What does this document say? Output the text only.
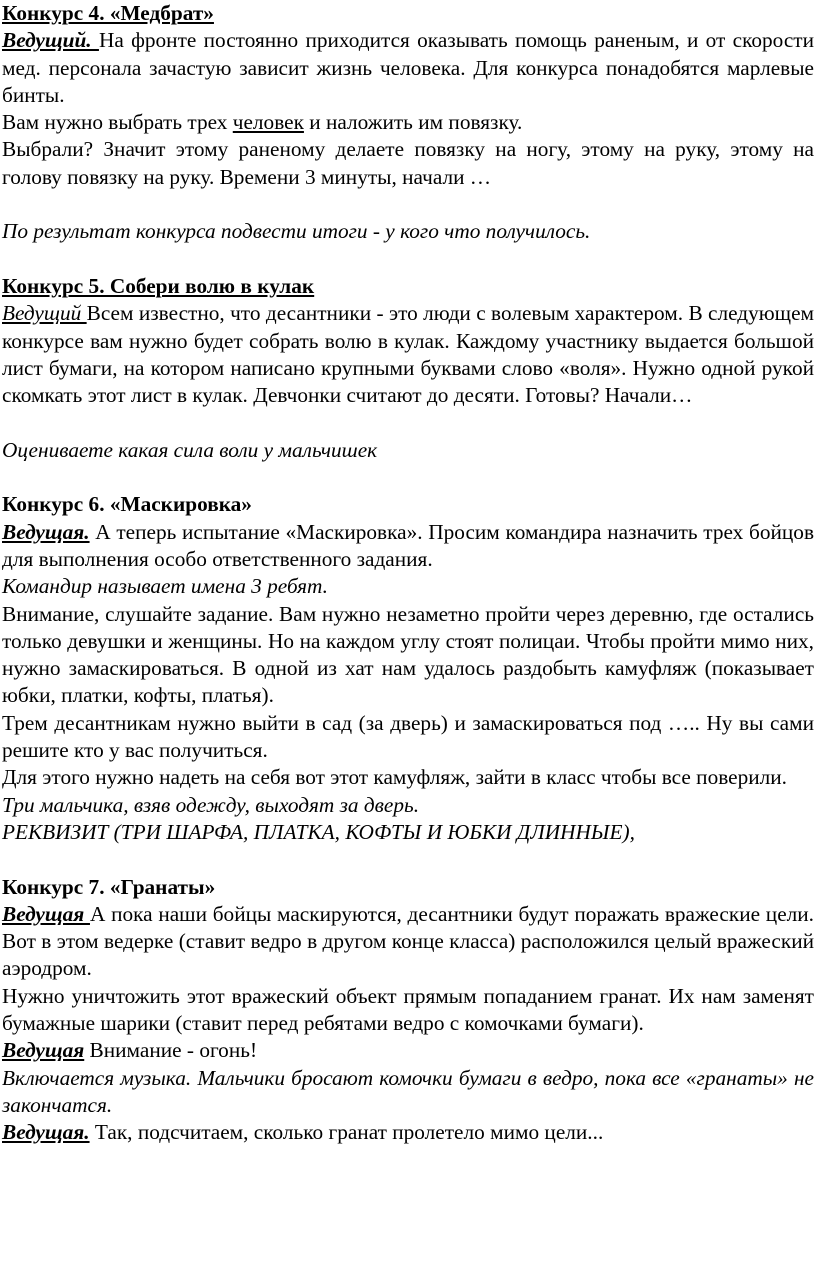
Конкурс 4. «Медбрат»

Ведущий. На фронте постоянно приходится оказывать помощь раненым, и от скорости мед. персонала зачастую зависит жизнь человека. Для конкурса понадобятся марлевые бинты.

Вам нужно выбрать трех человек и наложить им повязку.

Выбрали? Значит этому раненому делаете повязку на ногу, этому на руку, этому на голову повязку на руку. Времени 3 минуты, начали …

По результат конкурса подвести итоги - у кого что получилось.

Конкурс 5. Собери волю в кулак

Ведущий Всем известно, что десантники - это люди с волевым характером. В следующем конкурсе вам нужно будет собрать волю в кулак. Каждому участнику выдается большой лист бумаги, на котором написано крупными буквами слово «воля». Нужно одной рукой скомкать этот лист в кулак. Девчонки считают до десяти. Готовы? Начали…

Оцениваете какая сила воли у мальчишек

Конкурс 6. «Маскировка»

Ведущая. А теперь испытание «Маскировка». Просим командира назначить трех бойцов для выполнения особо ответственного задания.

Командир называет имена 3 ребят.

Внимание, слушайте задание. Вам нужно незаметно пройти через деревню, где остались только девушки и женщины. Но на каждом углу стоят полицаи. Чтобы пройти мимо них, нужно замаскироваться. В одной из хат нам удалось раздобыть камуфляж (показывает юбки, платки, кофты, платья).

Трем десантникам нужно выйти в сад (за дверь) и замаскироваться под ….. Ну вы сами решите кто у вас получиться.

Для этого нужно надеть на себя вот этот камуфляж, зайти в класс чтобы все поверили.

Три мальчика, взяв одежду, выходят за дверь.

РЕКВИЗИТ (ТРИ ШАРФА, ПЛАТКА, КОФТЫ И ЮБКИ ДЛИННЫЕ),

Конкурс 7. «Гранаты»

Ведущая А пока наши бойцы маскируются, десантники будут поражать вражеские цели. Вот в этом ведерке (ставит ведро в другом конце класса) расположился целый вражеский аэродром.

Нужно уничтожить этот вражеский объект прямым попаданием гранат. Их нам заменят бумажные шарики (ставит перед ребятами ведро с комочками бумаги).

Ведущая Внимание - огонь!

Включается музыка. Мальчики бросают комочки бумаги в ведро, пока все «гранаты» не закончатся.

Ведущая. Так, подсчитаем, сколько гранат пролетело мимо цели...
